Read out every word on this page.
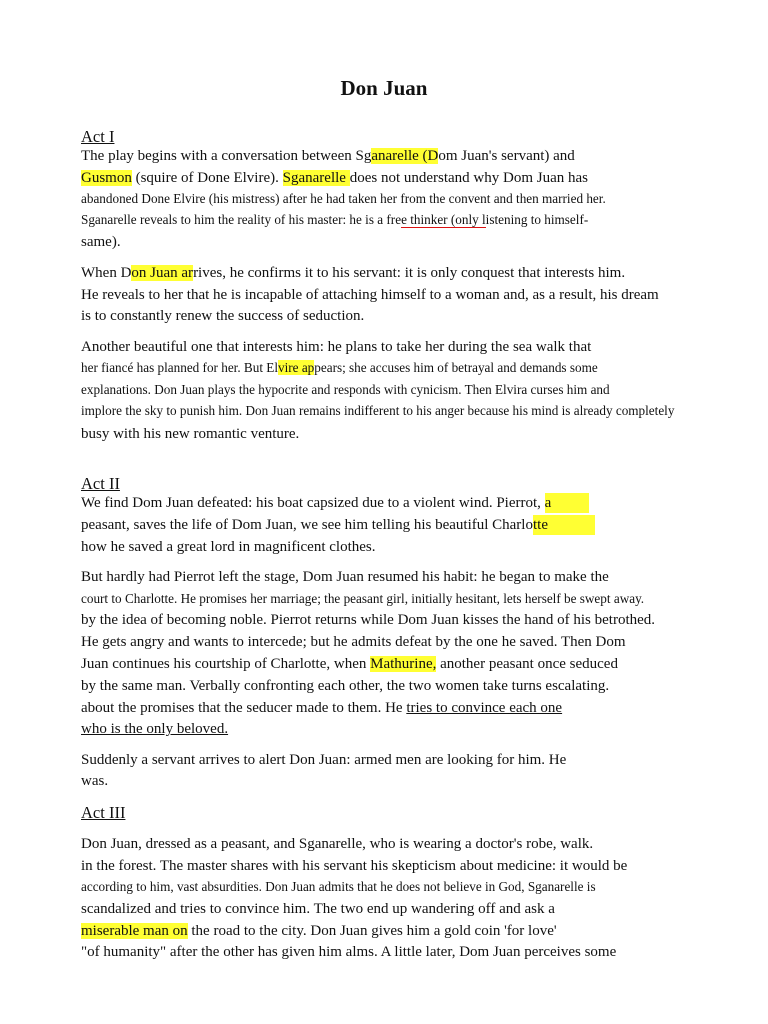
Don Juan
Act I
The play begins with a conversation between Sganarelle (Dom Juan's servant) and
Gusmon (squire of Done Elvire). Sganarelle does not understand why Dom Juan has
abandoned Done Elvire (his mistress) after he had taken her from the convent and then married her.
Sganarelle reveals to him the reality of his master: he is a free thinker (only listening to himself-
same).
When Don Juan arrives, he confirms it to his servant: it is only conquest that interests him.
He reveals to her that he is incapable of attaching himself to a woman and, as a result, his dream
is to constantly renew the success of seduction.
Another beautiful one that interests him: he plans to take her during the sea walk that
her fiancé has planned for her. But Elvire appears; she accuses him of betrayal and demands some
explanations. Don Juan plays the hypocrite and responds with cynicism. Then Elvira curses him and
implore the sky to punish him. Don Juan remains indifferent to his anger because his mind is already completely
busy with his new romantic venture.
Act II
We find Dom Juan defeated: his boat capsized due to a violent wind. Pierrot, a
peasant, saves the life of Dom Juan, we see him telling his beautiful Charlotte
how he saved a great lord in magnificent clothes.
But hardly had Pierrot left the stage, Dom Juan resumed his habit: he began to make the
court to Charlotte. He promises her marriage; the peasant girl, initially hesitant, lets herself be swept away.
by the idea of becoming noble. Pierrot returns while Dom Juan kisses the hand of his betrothed.
He gets angry and wants to intercede; but he admits defeat by the one he saved. Then Dom
Juan continues his courtship of Charlotte, when Mathurine, another peasant once seduced
by the same man. Verbally confronting each other, the two women take turns escalating.
about the promises that the seducer made to them. He tries to convince each one
who is the only beloved.
Suddenly a servant arrives to alert Don Juan: armed men are looking for him. He
was.
Act III
Don Juan, dressed as a peasant, and Sganarelle, who is wearing a doctor's robe, walk.
in the forest. The master shares with his servant his skepticism about medicine: it would be
according to him, vast absurdities. Don Juan admits that he does not believe in God, Sganarelle is
scandalized and tries to convince him. The two end up wandering off and ask a
miserable man on the road to the city. Don Juan gives him a gold coin 'for love'
"of humanity" after the other has given him alms. A little later, Dom Juan perceives some
